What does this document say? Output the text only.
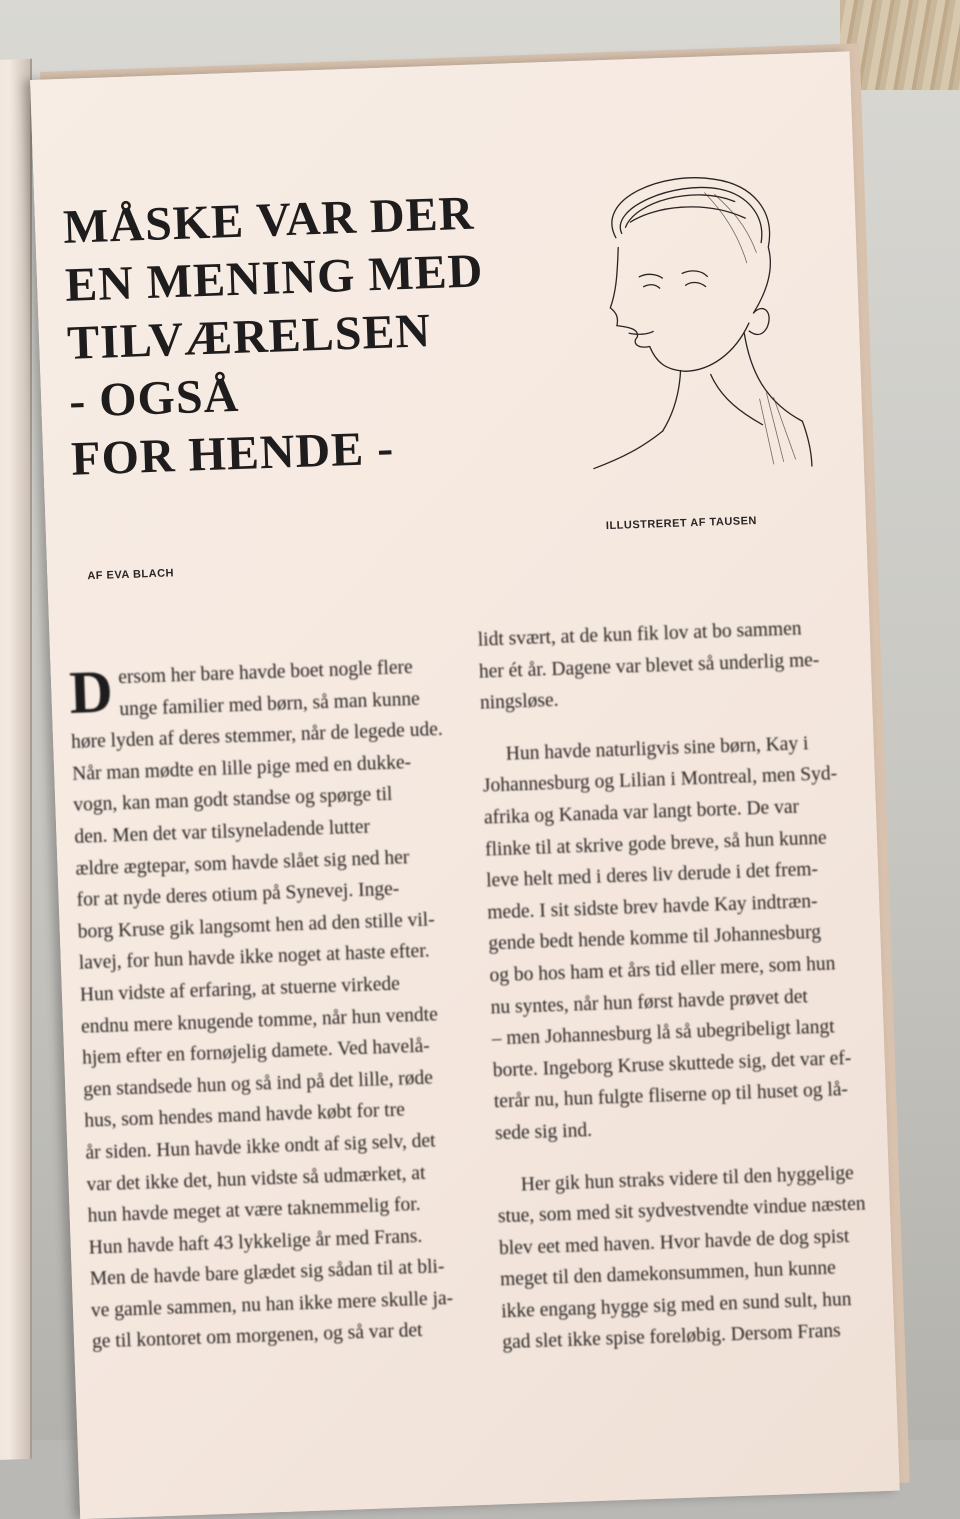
MÅSKE VAR DER
EN MENING MED
TILVÆRELSEN
- OGSÅ
FOR HENDE -
ILLUSTRERET AF TAUSEN
AF EVA BLACH
D ersom her bare havde boet nogle flere
unge familier med børn, så man kunne
høre lyden af deres stemmer, når de legede ude.
Når man mødte en lille pige med en dukke-
vogn, kan man godt standse og spørge til
den. Men det var tilsyneladende lutter
ældre ægtepar, som havde slået sig ned her
for at nyde deres otium på Synevej. Inge-
borg Kruse gik langsomt hen ad den stille vil-
lavej, for hun havde ikke noget at haste efter.
Hun vidste af erfaring, at stuerne virkede
endnu mere knugende tomme, når hun vendte
hjem efter en fornøjelig damete. Ved havelå-
gen standsede hun og så ind på det lille, røde
hus, som hendes mand havde købt for tre
år siden. Hun havde ikke ondt af sig selv, det
var det ikke det, hun vidste så udmærket, at
hun havde meget at være taknemmelig for.
Hun havde haft 43 lykkelige år med Frans.
Men de havde bare glædet sig sådan til at bli-
ve gamle sammen, nu han ikke mere skulle ja-
ge til kontoret om morgenen, og så var det

lidt svært, at de kun fik lov at bo sammen
her ét år. Dagene var blevet så underlig me-
ningsløse.

Hun havde naturligvis sine børn, Kay i
Johannesburg og Lilian i Montreal, men Syd-
afrika og Kanada var langt borte. De var
flinke til at skrive gode breve, så hun kunne
leve helt med i deres liv derude i det frem-
mede. I sit sidste brev havde Kay indtræn-
gende bedt hende komme til Johannesburg
og bo hos ham et års tid eller mere, som hun
nu syntes, når hun først havde prøvet det
– men Johannesburg lå så ubegribeligt langt
borte. Ingeborg Kruse skuttede sig, det var ef-
terår nu, hun fulgte fliserne op til huset og lå-
sede sig ind.

Her gik hun straks videre til den hyggelige
stue, som med sit sydvestvendte vindue næsten
blev eet med haven. Hvor havde de dog spist
meget til den damekonsummen, hun kunne
ikke engang hygge sig med en sund sult, hun
gad slet ikke spise foreløbig. Dersom Frans
